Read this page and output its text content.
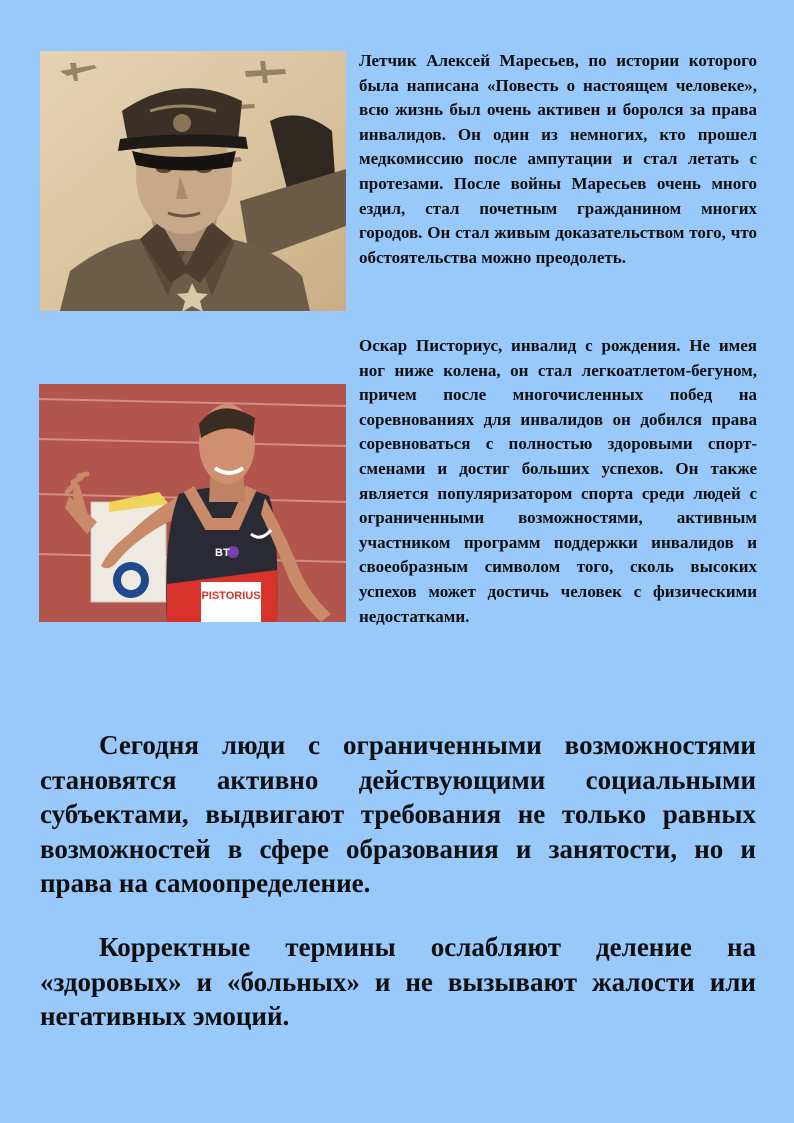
PISTORIUS
BT
Летчик Алексей Маресьев, по истории которого была написана «Повесть о настоящем человеке», всю жизнь был очень активен и боролся за права инвалидов. Он один из немногих, кто прошел медкомиссию после ампутации и стал летать с протезами. После войны Маресьев очень много ездил, стал почетным гражданином многих городов. Он стал живым доказательством того, что обстоятельства можно преодолеть.
Оскар Писториус, инвалид с рождения. Не имея ног ниже колена, он стал легкоатлетом-бегуном, причем после многочисленных побед на соревнованиях для инвалидов он добился права соревноваться с полностью здоровыми спортсменами и достиг больших успехов. Он также является популяризатором спорта среди людей с ограниченными возможностями, активным участником программ поддержки инвалидов и своеобразным символом того, сколь высоких успехов может достичь человек с физическими недостатками.
Сегодня люди с ограниченными возможностями становятся активно действующими социальными субъектами, выдвигают требования не только равных возможностей в сфере образования и занятости, но и права на самоопределение.
Корректные термины ослабляют деление на «здоровых» и «больных» и не вызывают жалости или негативных эмоций.
